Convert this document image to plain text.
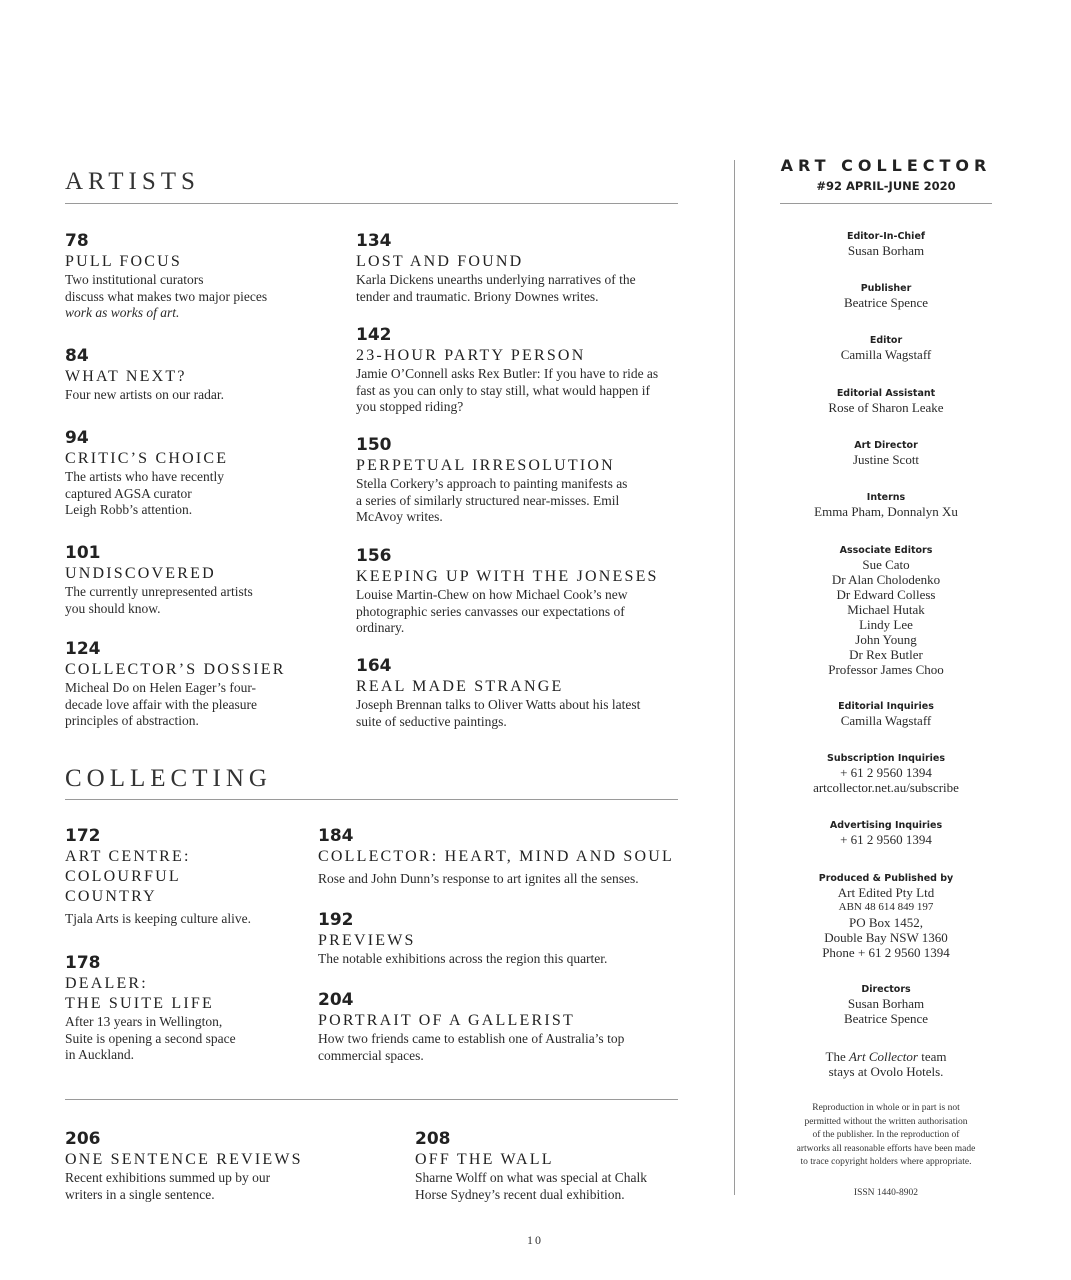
ARTISTS
78
PULL FOCUS
Two institutional curators
discuss what makes two major pieces
work as works of art.
84
WHAT NEXT?
Four new artists on our radar.
94
CRITIC’S CHOICE
The artists who have recently
captured AGSA curator
Leigh Robb’s attention.
101
UNDISCOVERED
The currently unrepresented artists
you should know.
124
COLLECTOR’S DOSSIER
Micheal Do on Helen Eager’s four-
decade love affair with the pleasure
principles of abstraction.
134
LOST AND FOUND
Karla Dickens unearths underlying narratives of the
tender and traumatic. Briony Downes writes.
142
23-HOUR PARTY PERSON
Jamie O’Connell asks Rex Butler: If you have to ride as
fast as you can only to stay still, what would happen if
you stopped riding?
150
PERPETUAL IRRESOLUTION
Stella Corkery’s approach to painting manifests as
a series of similarly structured near-misses. Emil
McAvoy writes.
156
KEEPING UP WITH THE JONESES
Louise Martin-Chew on how Michael Cook’s new
photographic series canvasses our expectations of
ordinary.
164
REAL MADE STRANGE
Joseph Brennan talks to Oliver Watts about his latest
suite of seductive paintings.
COLLECTING
172
ART CENTRE:
COLOURFUL
COUNTRY
Tjala Arts is keeping culture alive.
178
DEALER:
THE SUITE LIFE
After 13 years in Wellington,
Suite is opening a second space
in Auckland.
184
COLLECTOR: HEART, MIND AND SOUL
Rose and John Dunn’s response to art ignites all the senses.
192
PREVIEWS
The notable exhibitions across the region this quarter.
204
PORTRAIT OF A GALLERIST
How two friends came to establish one of Australia’s top
commercial spaces.
206
ONE SENTENCE REVIEWS
Recent exhibitions summed up by our
writers in a single sentence.
208
OFF THE WALL
Sharne Wolff on what was special at Chalk
Horse Sydney’s recent dual exhibition.
ART COLLECTOR
#92 APRIL-JUNE 2020
Editor-In-Chief
Susan Borham
Publisher
Beatrice Spence
Editor
Camilla Wagstaff
Editorial Assistant
Rose of Sharon Leake
Art Director
Justine Scott
Interns
Emma Pham, Donnalyn Xu
Associate Editors
Sue Cato
Dr Alan Cholodenko
Dr Edward Colless
Michael Hutak
Lindy Lee
John Young
Dr Rex Butler
Professor James Choo
Editorial Inquiries
Camilla Wagstaff
Subscription Inquiries
+ 61 2 9560 1394
artcollector.net.au/subscribe
Advertising Inquiries
+ 61 2 9560 1394
Produced & Published by
Art Edited Pty Ltd
ABN 48 614 849 197
PO Box 1452,
Double Bay NSW 1360
Phone + 61 2 9560 1394
Directors
Susan Borham
Beatrice Spence
The Art Collector team
stays at Ovolo Hotels.
Reproduction in whole or in part is not
permitted without the written authorisation
of the publisher. In the reproduction of
artworks all reasonable efforts have been made
to trace copyright holders where appropriate.
ISSN 1440-8902
10
